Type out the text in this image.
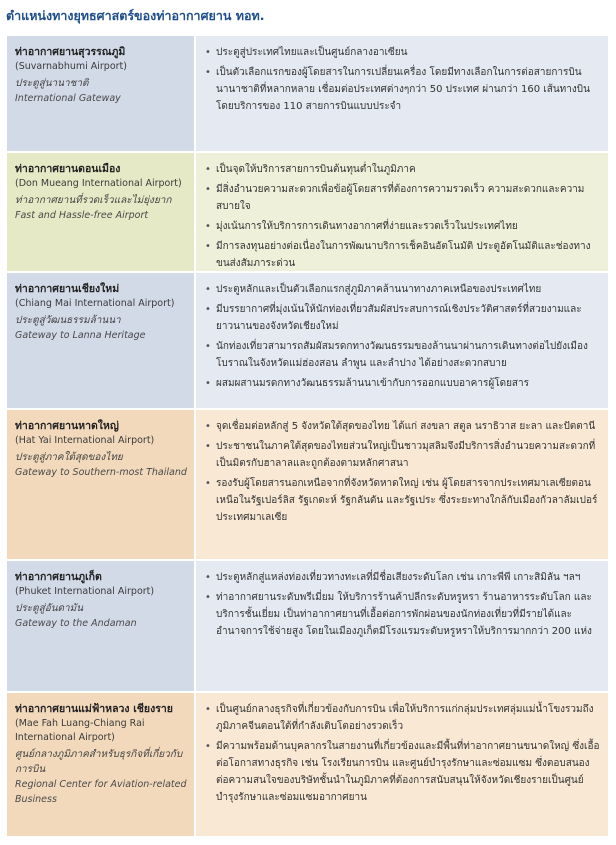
ตำแหน่งทางยุทธศาสตร์ของท่าอากาศยาน ทอท.
ท่าอากาศยานสุวรรณภูมิ
(Suvarnabhumi Airport)
ประตูสู่นานาชาติ
International Gateway
• ประตูสู่ประเทศไทยและเป็นศูนย์กลางอาเซียน
• เป็นตัวเลือกแรกของผู้โดยสารในการเปลี่ยนเครื่อง โดยมีทางเลือกในการต่อสายการบินนานาชาติที่หลากหลาย เชื่อมต่อประเทศต่างๆกว่า 50 ประเทศ ผ่านกว่า 160 เส้นทางบิน โดยบริการของ 110 สายการบินแบบประจำ
ท่าอากาศยานดอนเมือง
(Don Mueang International Airport)
ท่าอากาศยานที่รวดเร็วและไม่ยุ่งยาก
Fast and Hassle-free Airport
• เป็นจุดให้บริการสายการบินต้นทุนต่ำในภูมิภาค
• มีสิ่งอำนวยความสะดวกเพื่อข้อผู้โดยสารที่ต้องการความรวดเร็ว ความสะดวกและความสบายใจ
• มุ่งเน้นการให้บริการการเดินทางอากาศที่ง่ายและรวดเร็วในประเทศไทย
• มีการลงทุนอย่างต่อเนื่องในการพัฒนาบริการเช็คอินอัตโนมัติ ประตูอัตโนมัติและช่องทางขนส่งสัมภาระด่วน
ท่าอากาศยานเชียงใหม่
(Chiang Mai International Airport)
ประตูสู่วัฒนธรรมล้านนา
Gateway to Lanna Heritage
• ประตูหลักและเป็นตัวเลือกแรกสู่ภูมิภาคล้านนาทางภาคเหนือของประเทศไทย
• มีบรรยากาศที่มุ่งเน้นให้นักท่องเที่ยวสัมผัสประสบการณ์เชิงประวัติศาสตร์ที่สวยงามและยาวนานของจังหวัดเชียงใหม่
• นักท่องเที่ยวสามารถสัมผัสมรดกทางวัฒนธรรมของล้านนาผ่านการเดินทางต่อไปยังเมืองโบราณในจังหวัดแม่ฮ่องสอน ลำพูน และลำปาง ได้อย่างสะดวกสบาย
• ผสมผสานมรดกทางวัฒนธรรมล้านนาเข้ากับการออกแบบอาคารผู้โดยสาร
ท่าอากาศยานหาดใหญ่
(Hat Yai International Airport)
ประตูสู่ภาคใต้สุดของไทย
Gateway to Southern-most Thailand
• จุดเชื่อมต่อหลักสู่ 5 จังหวัดใต้สุดของไทย ได้แก่ สงขลา สตูล นราธิวาส ยะลา และปัตตานี
• ประชาชนในภาคใต้สุดของไทยส่วนใหญ่เป็นชาวมุสลิมจึงมีบริการสิ่งอำนวยความสะดวกที่เป็นมิตรกับฮาลาลและถูกต้องตามหลักศาสนา
• รองรับผู้โดยสารนอกเหนือจากที่จังหวัดหาดใหญ่ เช่น ผู้โดยสารจากประเทศมาเลเซียตอนเหนือในรัฐเปอร์ลิส รัฐเกดะห์ รัฐกลันตัน และรัฐเประ ซึ่งระยะทางใกล้กับเมืองกัวลาลัมเปอร์ ประเทศมาเลเซีย
ท่าอากาศยานภูเก็ต
(Phuket International Airport)
ประตูสู่อันดามัน
Gateway to the Andaman
• ประตูหลักสู่แหล่งท่องเที่ยวทางทะเลที่มีชื่อเสียงระดับโลก เช่น เกาะพีพี เกาะสิมิลัน ฯลฯ
• ท่าอากาศยานระดับพรีเมี่ยม ให้บริการร้านค้าปลีกระดับหรูหรา ร้านอาหารระดับโลก และบริการชั้นเยี่ยม เป็นท่าอากาศยานที่เอื้อต่อการพักผ่อนของนักท่องเที่ยวที่มีรายได้และอำนาจการใช้จ่ายสูง โดยในเมืองภูเก็ตมีโรงแรมระดับหรูหราให้บริการมากกว่า 200 แห่ง
ท่าอากาศยานแม่ฟ้าหลวง เชียงราย
(Mae Fah Luang-Chiang Rai International Airport)
ศูนย์กลางภูมิภาคสำหรับธุรกิจที่เกี่ยวกับการบิน
Regional Center for Aviation-related Business
• เป็นศูนย์กลางธุรกิจที่เกี่ยวข้องกับการบิน เพื่อให้บริการแก่กลุ่มประเทศลุ่มแม่น้ำโขงรวมถึงภูมิภาคจีนตอนใต้ที่กำลังเติบโตอย่างรวดเร็ว
• มีความพร้อมด้านบุคลากรในสายงานที่เกี่ยวข้องและมีพื้นที่ท่าอากาศยานขนาดใหญ่ ซึ่งเอื้อต่อโอกาสทางธุรกิจ เช่น โรงเรียนการบิน และศูนย์บำรุงรักษาและซ่อมแซม ซึ่งตอบสนองต่อความสนใจของบริษัทชั้นนำในภูมิภาคที่ต้องการสนับสนุนให้จังหวัดเชียงรายเป็นศูนย์บำรุงรักษาและซ่อมแซมอากาศยาน
